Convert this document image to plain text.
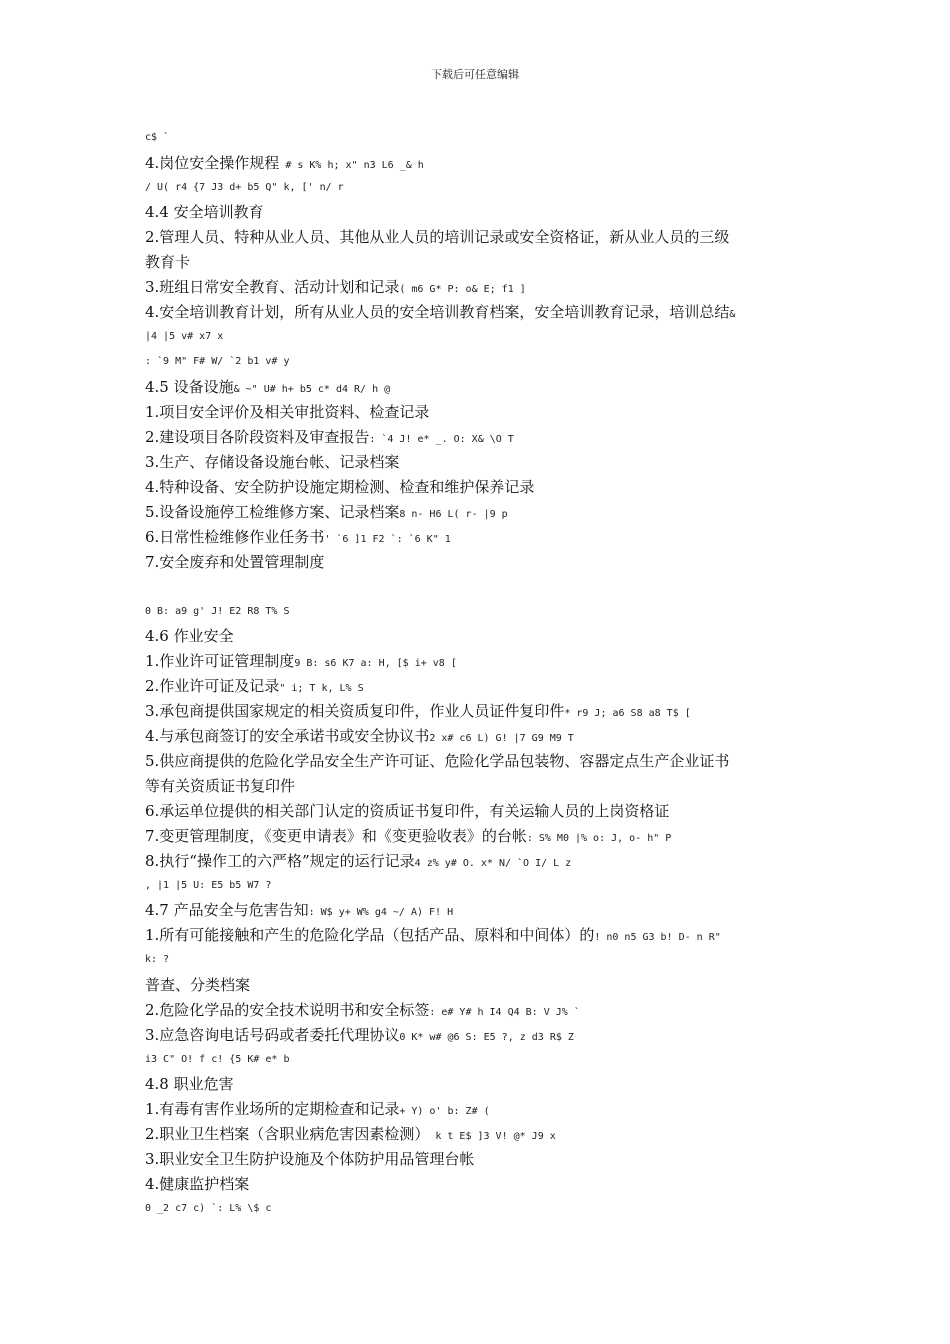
下载后可任意编辑
c$ `
4.岗位安全操作规程 # s K% h; x" n3 L6 _& h
/ U( r4 {7 J3 d+ b5 Q" k, [' n/ r
4.4 安全培训教育
2.管理人员、特种从业人员、其他从业人员的培训记录或安全资格证，新从业人员的三级
教育卡
3.班组日常安全教育、活动计划和记录( m6 G* P: o& E; f1 ]
4.安全培训教育计划，所有从业人员的安全培训教育档案，安全培训教育记录，培训总结&
|4 |5 v# x7 x
: `9 M" F# W/ `2 b1 v# y
4.5 设备设施& ~" U# h+ b5 c* d4 R/ h @
1.项目安全评价及相关审批资料、检查记录
2.建设项目各阶段资料及审查报告: `4 J! e* _. O: X& \O T
3.生产、存储设备设施台帐、记录档案
4.特种设备、安全防护设施定期检测、检查和维护保养记录
5.设备设施停工检维修方案、记录档案8 n- H6 L( r- |9 p
6.日常性检维修作业任务书' `6 ]1 F2 `: `6 K" 1
7.安全废弃和处置管理制度
0 B: a9 g' J! E2 R8 T% S
4.6 作业安全
1.作业许可证管理制度9 B: s6 K7 a: H, [$ i+ v8 [
2.作业许可证及记录" i; T k, L% S
3.承包商提供国家规定的相关资质复印件，作业人员证件复印件* r9 J; a6 S8 a8 T$ [
4.与承包商签订的安全承诺书或安全协议书2 x# c6 L) G! |7 G9 M9 T
5.供应商提供的危险化学品安全生产许可证、危险化学品包装物、容器定点生产企业证书
等有关资质证书复印件
6.承运单位提供的相关部门认定的资质证书复印件，有关运输人员的上岗资格证
7.变更管理制度，《变更申请表》和《变更验收表》的台帐: S% M0 |% o: J, o- h" P
8.执行“操作工的六严格”规定的运行记录4 z% y# O. x* N/ `O I/ L z
, |1 |5 U: E5 b5 W7 ?
4.7 产品安全与危害告知: W$ y+ W% g4 ~/ A) F! H
1.所有可能接触和产生的危险化学品（包括产品、原料和中间体）的! n0 n5 G3 b! D- n R"
k: ?
普查、分类档案
2.危险化学品的安全技术说明书和安全标签: e# Y# h I4 Q4 B: V J% `
3.应急咨询电话号码或者委托代理协议0 K* w# @6 S: E5 ?, z d3 R$ Z
i3 C" O! f c! {5 K# e* b
4.8 职业危害
1.有毒有害作业场所的定期检查和记录+ Y) o' b: Z# (
2.职业卫生档案（含职业病危害因素检测） k t E$ ]3 V! @* J9 x
3.职业安全卫生防护设施及个体防护用品管理台帐
4.健康监护档案
0 _2 c7 c) `: L% \$ c
